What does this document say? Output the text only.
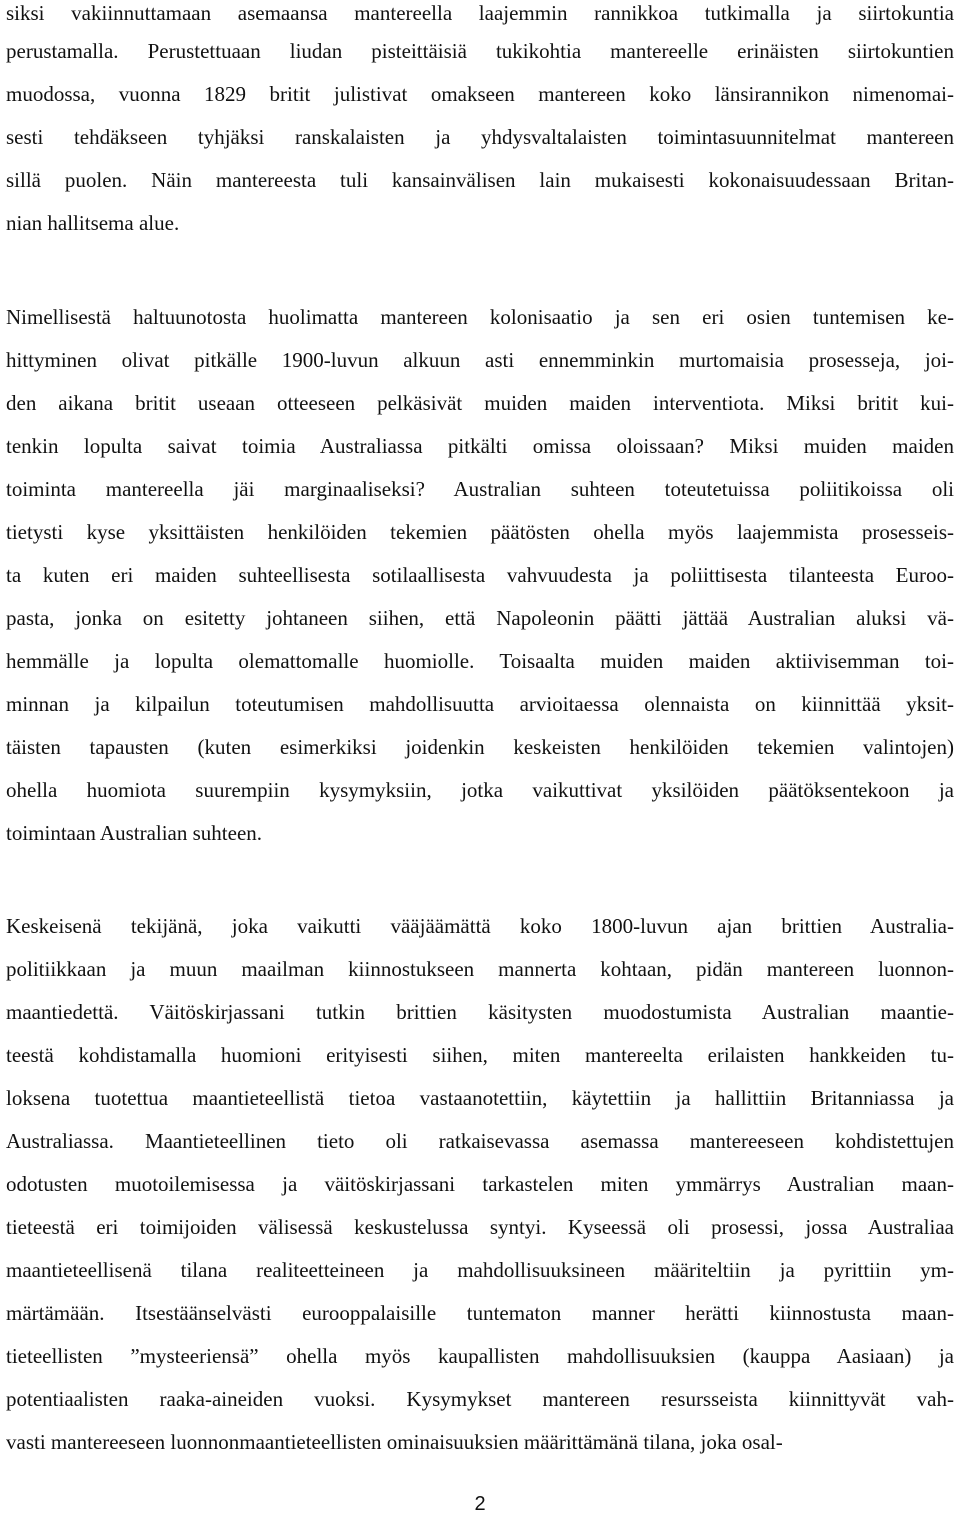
siksi vakiinnuttamaan asemaansa mantereella laajemmin rannikkoa tutkimalla ja siirtokuntia
perustamalla. Perustettuaan liudan pisteittäisiä tukikohtia mantereelle erinäisten siirtokuntien
muodossa, vuonna 1829 britit julistivat omakseen mantereen koko länsirannikon nimenomai-
sesti tehdäkseen tyhjäksi ranskalaisten ja yhdysvaltalaisten toimintasuunnitelmat mantereen
sillä puolen. Näin mantereesta tuli kansainvälisen lain mukaisesti kokonaisuudessaan Britan-
nian hallitsema alue.
Nimellisestä haltuunotosta huolimatta mantereen kolonisaatio ja sen eri osien tuntemisen ke-
hittyminen olivat pitkälle 1900-luvun alkuun asti ennemminkin murtomaisia prosesseja, joi-
den aikana britit useaan otteeseen pelkäsivät muiden maiden interventiota. Miksi britit kui-
tenkin lopulta saivat toimia Australiassa pitkälti omissa oloissaan? Miksi muiden maiden
toiminta mantereella jäi marginaaliseksi? Australian suhteen toteutetuissa poliitikoissa oli
tietysti kyse yksittäisten henkilöiden tekemien päätösten ohella myös laajemmista prosesseis-
ta kuten eri maiden suhteellisesta sotilaallisesta vahvuudesta ja poliittisesta tilanteesta Euroo-
pasta, jonka on esitetty johtaneen siihen, että Napoleonin päätti jättää Australian aluksi vä-
hemmälle ja lopulta olemattomalle huomiolle. Toisaalta muiden maiden aktiivisemman toi-
minnan ja kilpailun toteutumisen mahdollisuutta arvioitaessa olennaista on kiinnittää yksit-
täisten tapausten (kuten esimerkiksi joidenkin keskeisten henkilöiden tekemien valintojen)
ohella huomiota suurempiin kysymyksiin, jotka vaikuttivat yksilöiden päätöksentekoon ja
toimintaan Australian suhteen.
Keskeisenä tekijänä, joka vaikutti vääjäämättä koko 1800-luvun ajan brittien Australia-
politiikkaan ja muun maailman kiinnostukseen mannerta kohtaan, pidän mantereen luonnon-
maantiedettä. Väitöskirjassani tutkin brittien käsitysten muodostumista Australian maantie-
teestä kohdistamalla huomioni erityisesti siihen, miten mantereelta erilaisten hankkeiden tu-
loksena tuotettua maantieteellistä tietoa vastaanotettiin, käytettiin ja hallittiin Britanniassa ja
Australiassa. Maantieteellinen tieto oli ratkaisevassa asemassa mantereeseen kohdistettujen
odotusten muotoilemisessa ja väitöskirjassani tarkastelen miten ymmärrys Australian maan-
tieteestä eri toimijoiden välisessä keskustelussa syntyi. Kyseessä oli prosessi, jossa Australiaa
maantieteellisenä tilana realiteetteineen ja mahdollisuuksineen määriteltiin ja pyrittiin ym-
märtämään. Itsestäänselvästi eurooppalaisille tuntematon manner herätti kiinnostusta maan-
tieteellisten ”mysteeriensä” ohella myös kaupallisten mahdollisuuksien (kauppa Aasiaan) ja
potentiaalisten raaka-aineiden vuoksi. Kysymykset mantereen resursseista kiinnittyvät vah-
vasti mantereeseen luonnonmaantieteellisten ominaisuuksien määrittämänä tilana, joka osal-
2
